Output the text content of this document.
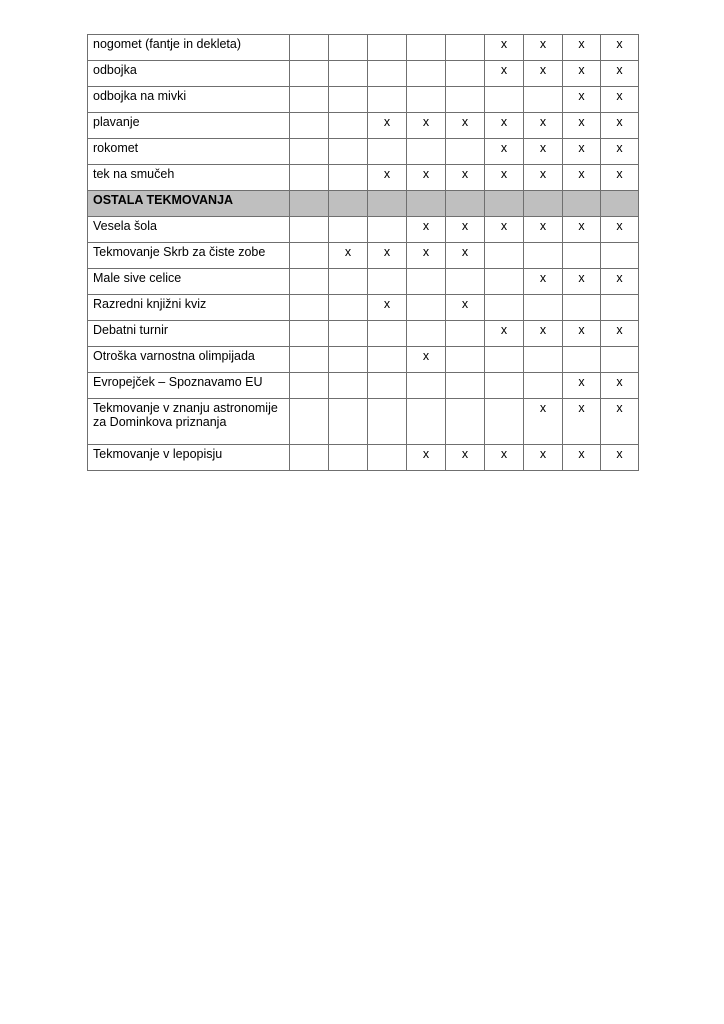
nogomet (fantje in dekleta)						x	x	x	x
odbojka						x	x	x	x
odbojka na mivki								x	x
plavanje			x	x	x	x	x	x	x
rokomet						x	x	x	x
tek na smučeh			x	x	x	x	x	x	x
OSTALA TEKMOVANJA									
Vesela šola				x	x	x	x	x	x
Tekmovanje Skrb za čiste zobe		x	x	x	x				
Male sive celice							x	x	x
Razredni knjižni kviz			x		x				
Debatni turnir						x	x	x	x
Otroška varnostna olimpijada				x					
Evropejček – Spoznavamo EU								x	x
Tekmovanje v znanju astronomije za Dominkova priznanja							x	x	x
Tekmovanje v lepopisju				x	x	x	x	x	x
